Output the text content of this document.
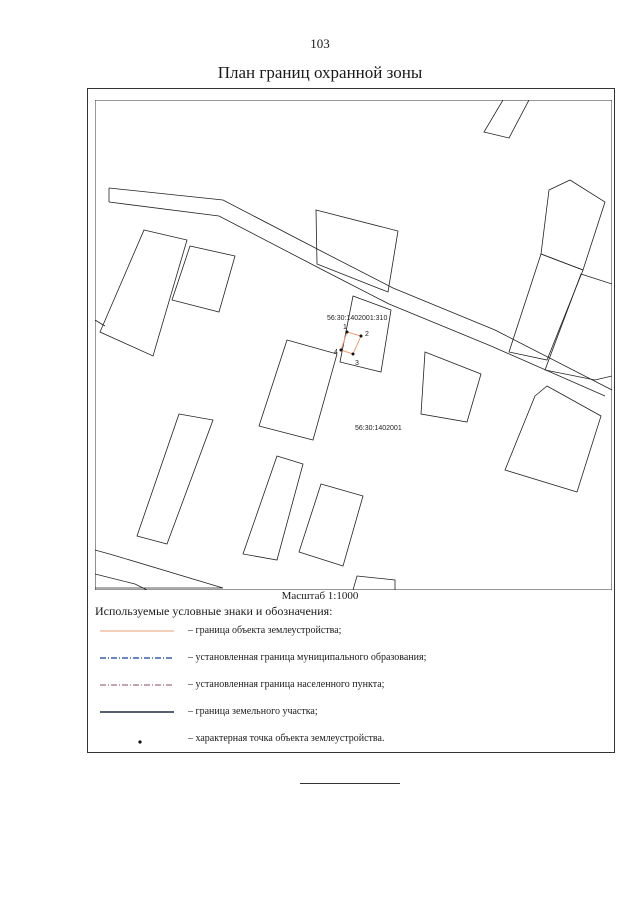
103
План границ охранной зоны
56:30:1402001:310
56:30:1402001
1
2
3
4
Масштаб 1:1000
Используемые условные знаки и обозначения:
– граница объекта землеустройства;
– установленная граница муниципального образования;
– установленная граница населенного пункта;
– граница земельного участка;
– характерная точка объекта землеустройства.
